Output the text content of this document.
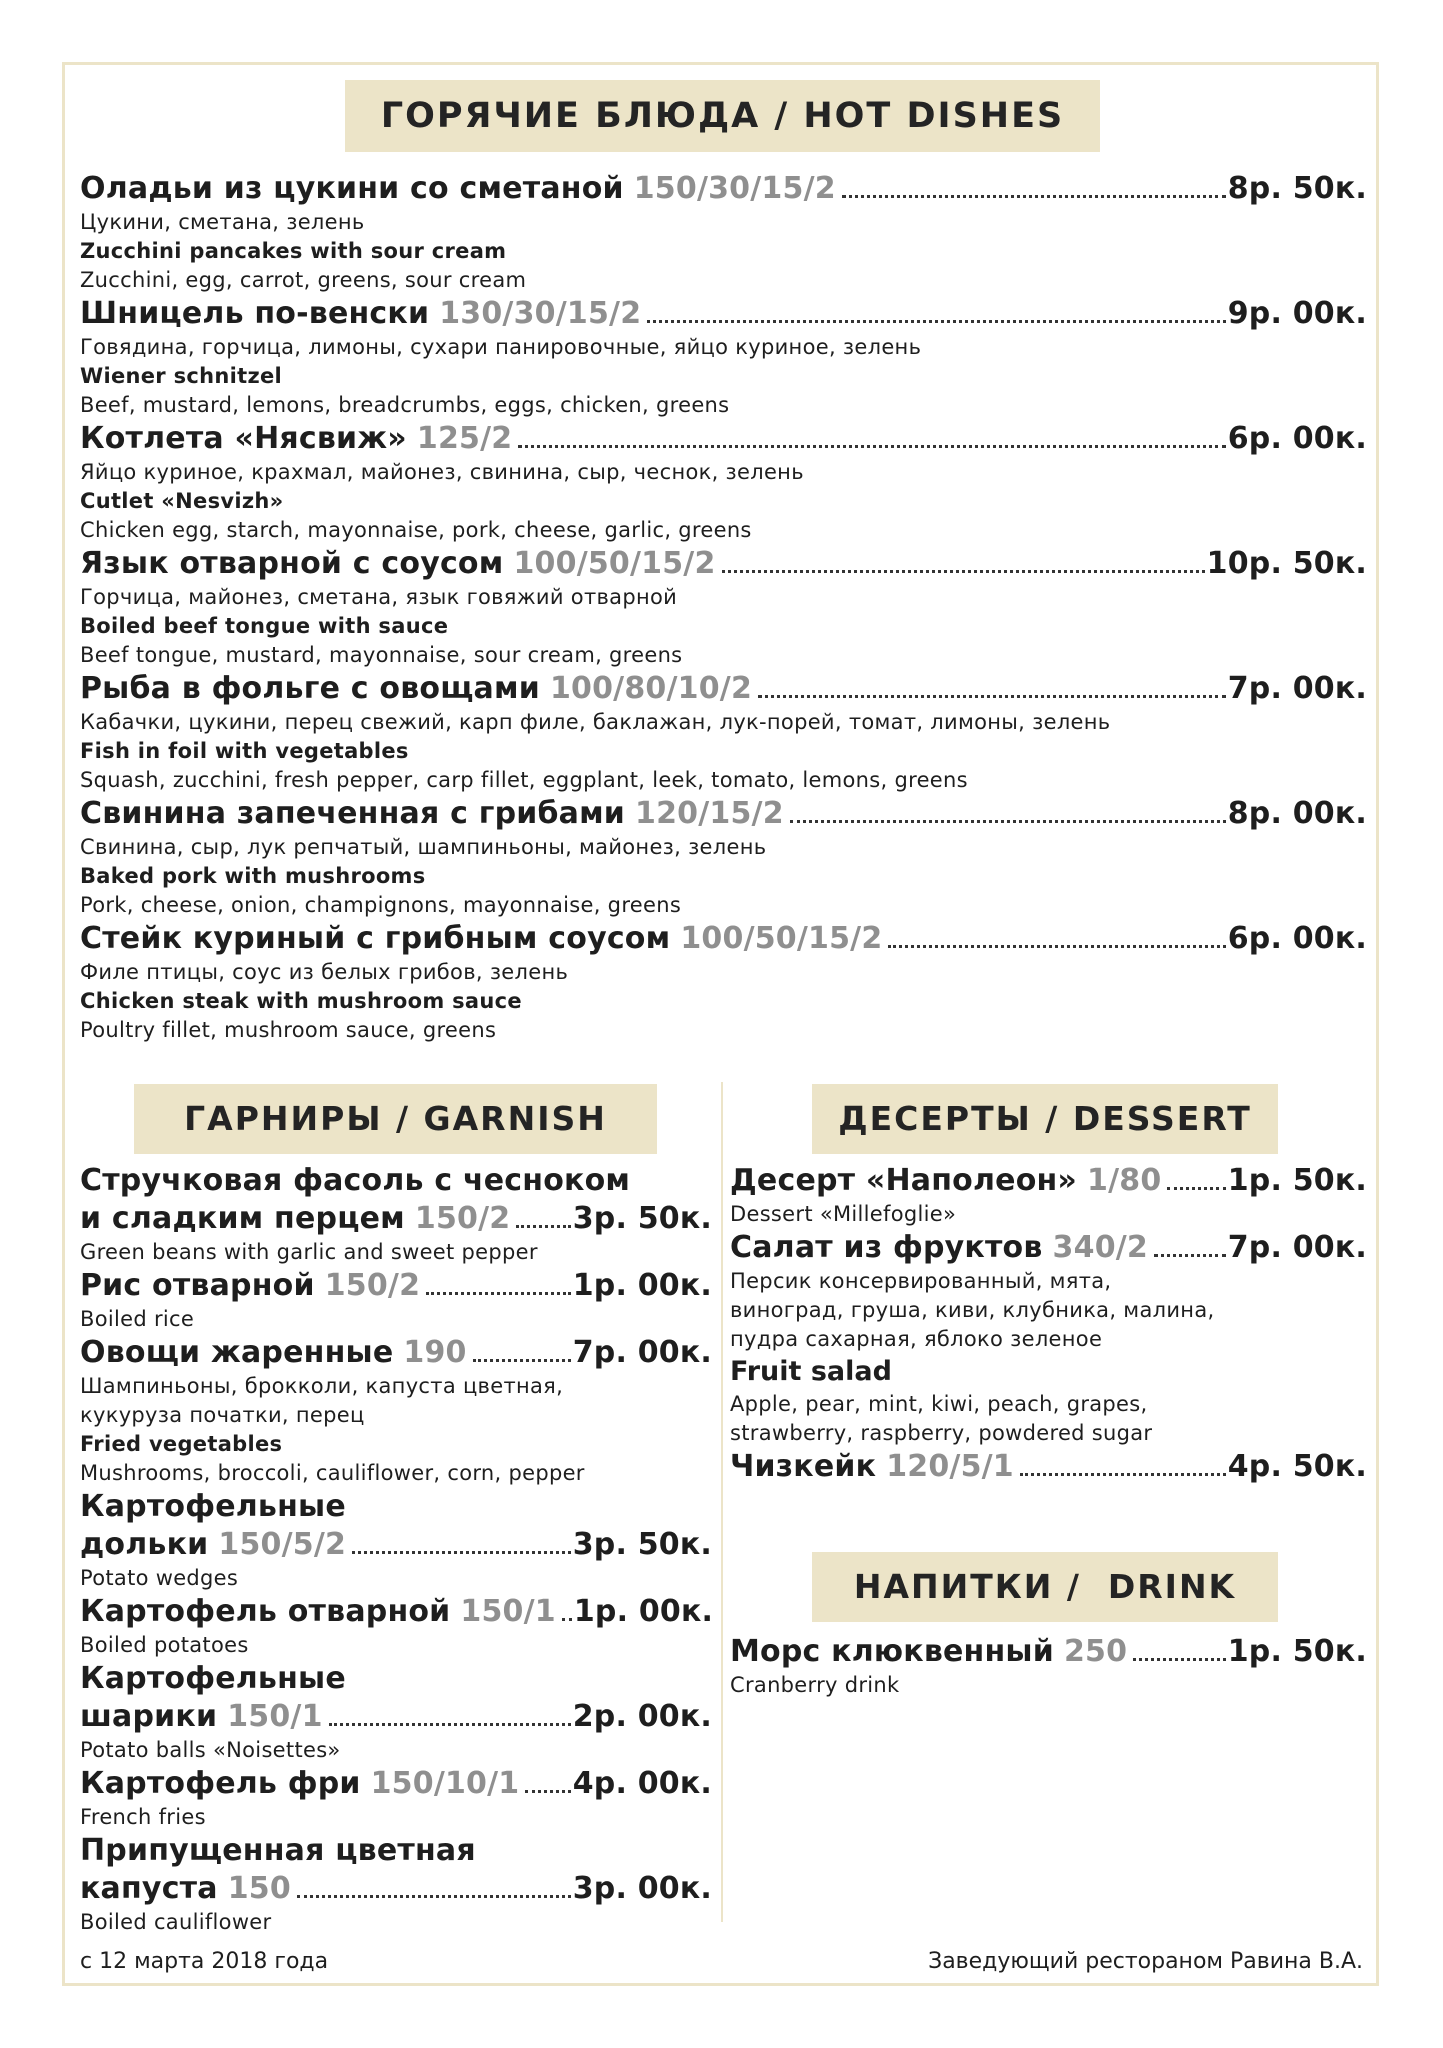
ГОРЯЧИЕ БЛЮДА / HOT DISHES
Оладьи из цукини со сметаной 150/30/15/2	8р. 50к.
Цукини, сметана, зелень
Zucchini pancakes with sour cream
Zucchini, egg, carrot, greens, sour cream
Шницель по-венски 130/30/15/2	9р. 00к.
Говядина, горчица, лимоны, сухари панировочные, яйцо куриное, зелень
Wiener schnitzel
Beef, mustard, lemons, breadcrumbs, eggs, chicken, greens
Котлета «Нясвиж» 125/2	6р. 00к.
Яйцо куриное, крахмал, майонез, свинина, сыр, чеснок, зелень
Cutlet «Nesvizh»
Chicken egg, starch, mayonnaise, pork, cheese, garlic, greens
Язык отварной с соусом 100/50/15/2	10р. 50к.
Горчица, майонез, сметана, язык говяжий отварной
Boiled beef tongue with sauce
Beef tongue, mustard, mayonnaise, sour cream, greens
Рыба в фольге с овощами 100/80/10/2	7р. 00к.
Кабачки, цукини, перец свежий, карп филе, баклажан, лук-порей, томат, лимоны, зелень
Fish in foil with vegetables
Squash, zucchini, fresh pepper, carp fillet, eggplant, leek, tomato, lemons, greens
Свинина запеченная с грибами 120/15/2	8р. 00к.
Свинина, сыр, лук репчатый, шампиньоны, майонез, зелень
Baked pork with mushrooms
Pork, cheese, onion, champignons, mayonnaise, greens
Стейк куриный с грибным соусом 100/50/15/2	6р. 00к.
Филе птицы, соус из белых грибов, зелень
Chicken steak with mushroom sauce
Poultry fillet, mushroom sauce, greens
ГАРНИРЫ / GARNISH	ДЕСЕРТЫ / DESSERT
Стручковая фасоль с чесноком
и сладким перцем 150/2 3р. 50к.
Green beans with garlic and sweet pepper
Рис отварной 150/2	1р. 00к.
Boiled rice
Овощи жаренные 190	7р. 00к.
Шампиньоны, брокколи, капуста цветная,
кукуруза початки, перец
Fried vegetables
Mushrooms, broccoli, cauliflower, corn, pepper
Картофельные
дольки 150/5/2	3р. 50к.
Potato wedges
Картофель отварной 150/1 1р. 00к.
Boiled potatoes
Картофельные
шарики 150/1	2р. 00к.
Potato balls «Noisettes»
Картофель фри 150/10/1 4р. 00к.
French fries
Припущенная цветная
капуста 150	3р. 00к.
Boiled cauliflower
Десерт «Наполеон» 1/80 1р. 50к.
Dessert «Millefoglie»
Салат из фруктов 340/2	7р. 00к.
Персик консервированный, мята,
виноград, груша, киви, клубника, малина,
пудра сахарная, яблоко зеленое
Fruit salad
Apple, pear, mint, kiwi, peach, grapes,
strawberry, raspberry, powdered sugar
Чизкейк 120/5/1	4р. 50к.
НАПИТКИ /  DRINK
Морс клюквенный 250	1р. 50к.
Cranberry drink
с 12 марта 2018 года	Заведующий рестораном Равина В.А.
